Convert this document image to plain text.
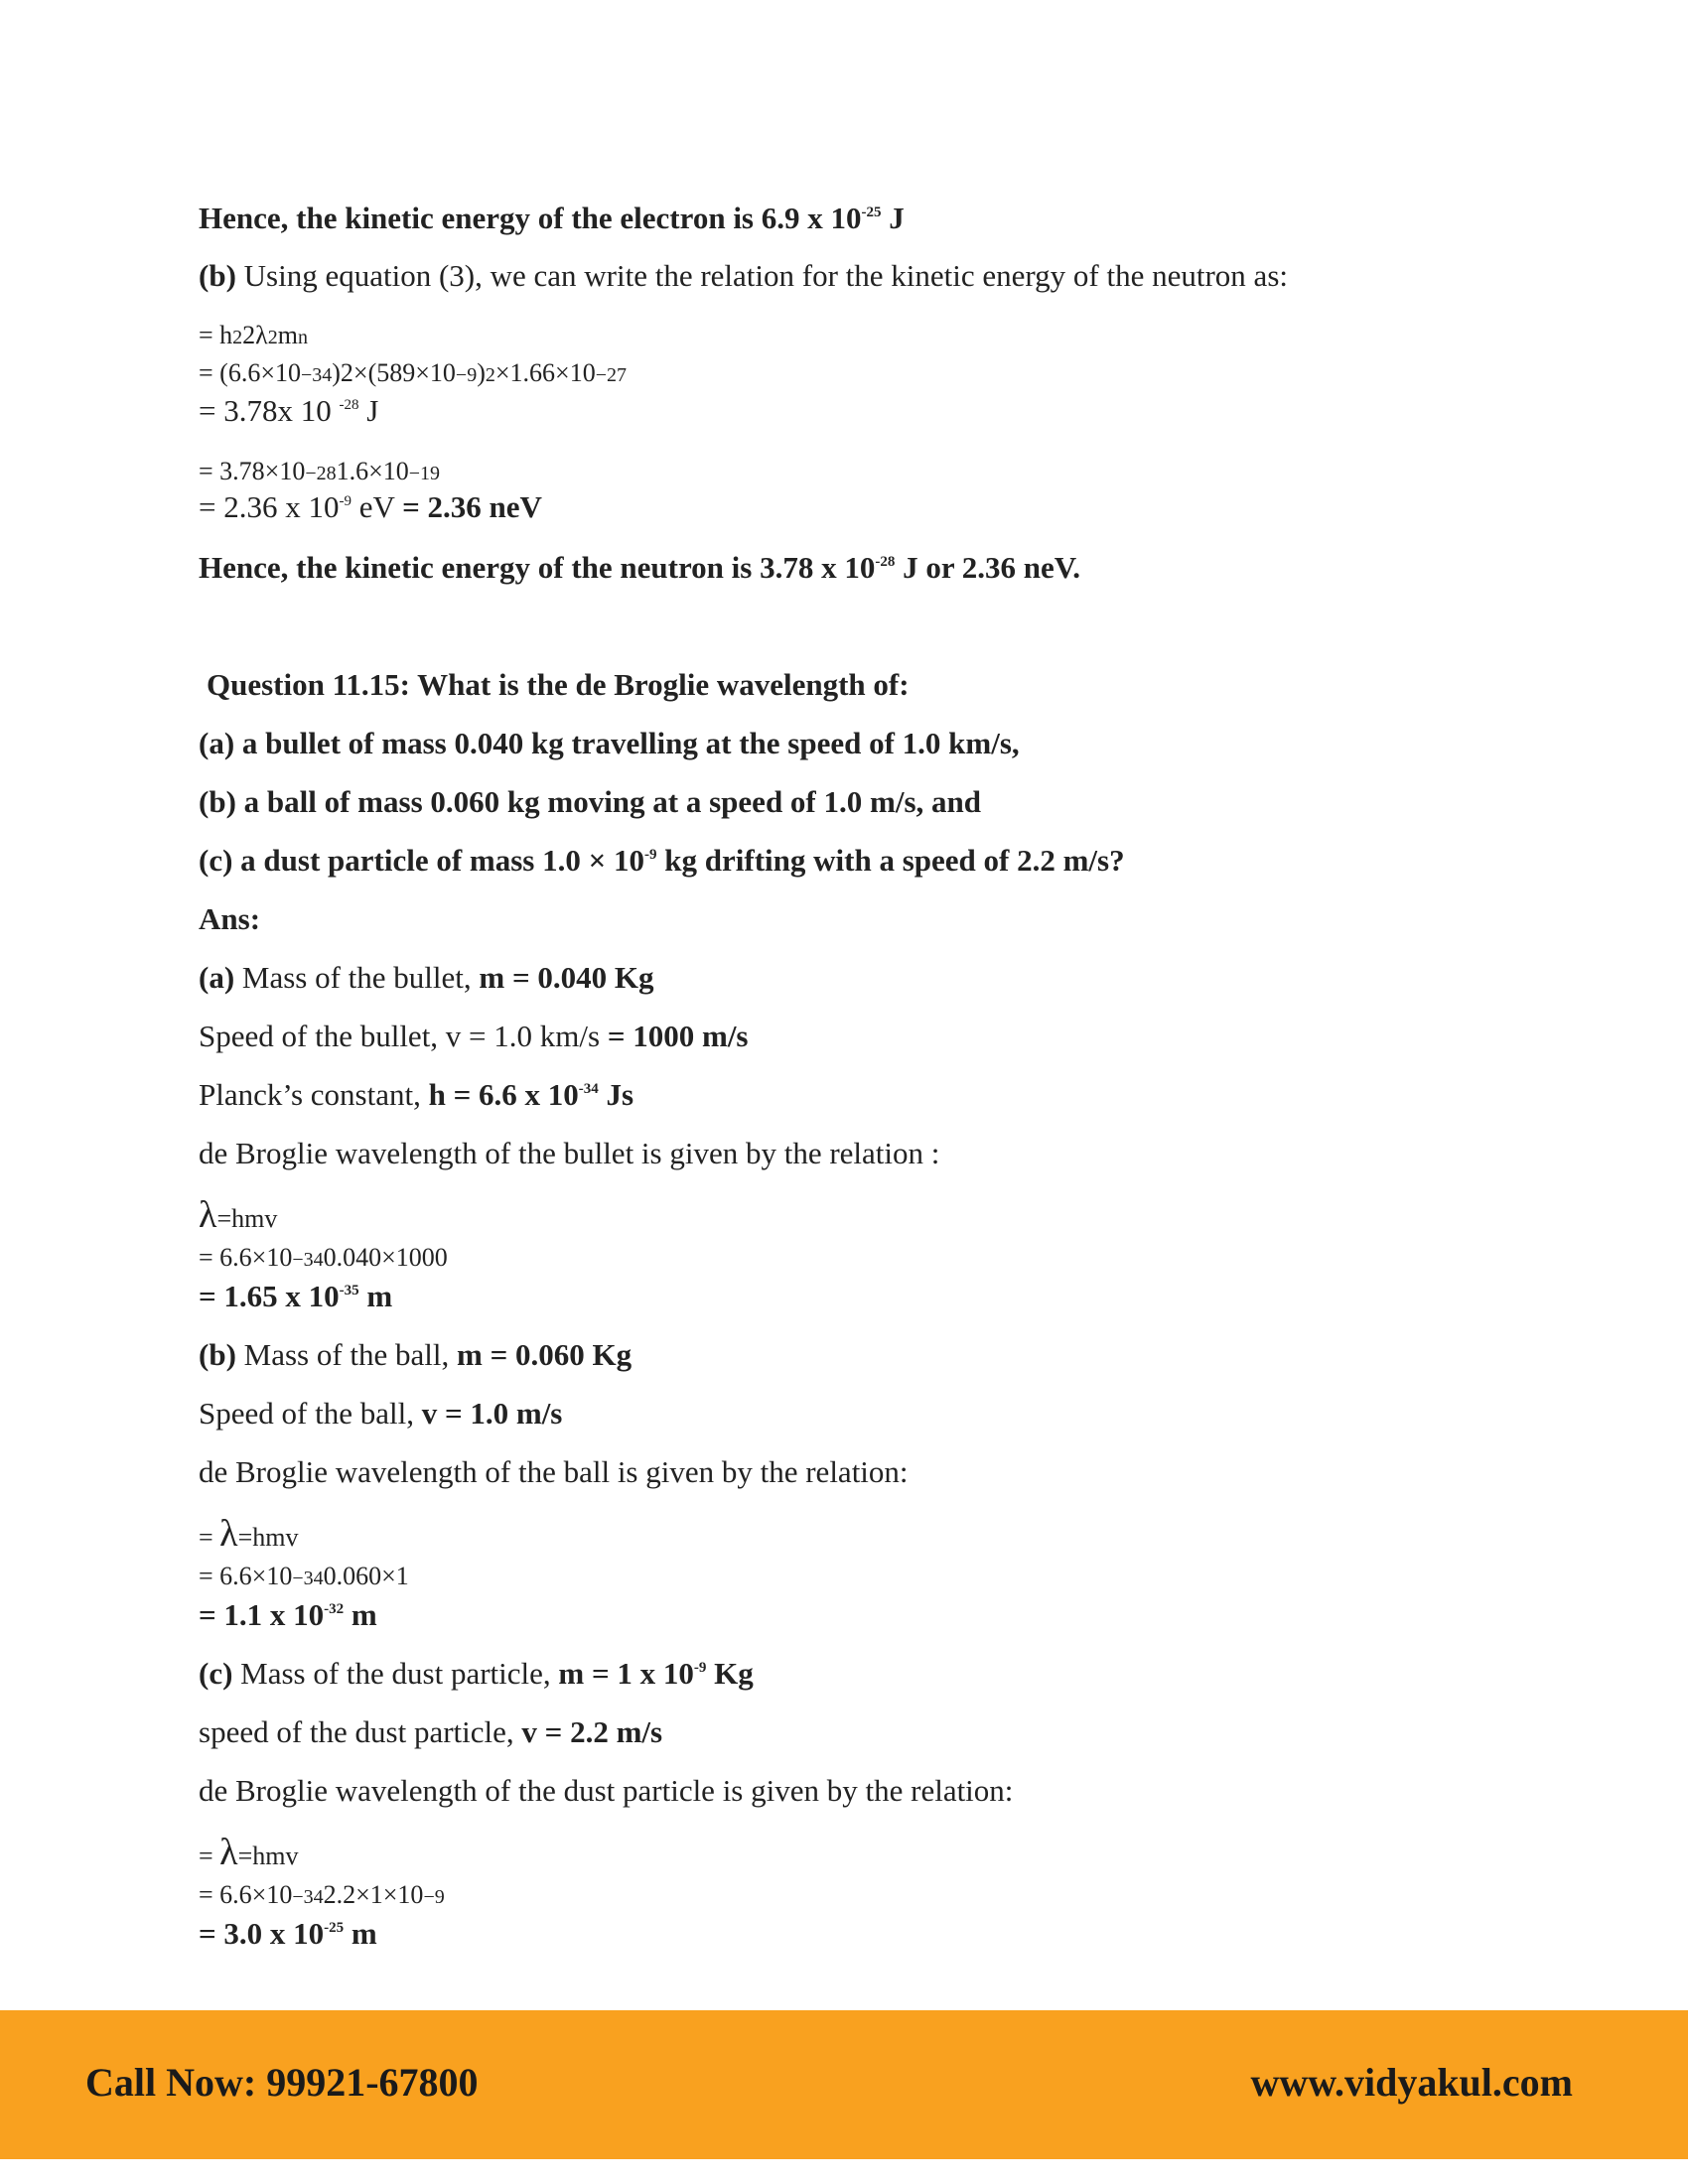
Hence, the kinetic energy of the electron is 6.9 x $10^{-25}$ J
(b) Using equation (3), we can write the relation for the kinetic energy of the neutron as:
= h22λ2mn
= (6.6×10−34)2×(589×10−9)2×1.66×10−27
= 3.78x 10 $^{-28}$ J
= 3.78×10−281.6×10−19
= 2.36 x $10^{-9}$ eV = 2.36 neV
Hence, the kinetic energy of the neutron is 3.78 x $10^{-28}$ J or 2.36 neV.
Question 11.15: What is the de Broglie wavelength of:
(a) a bullet of mass 0.040 kg travelling at the speed of 1.0 km/s,
(b) a ball of mass 0.060 kg moving at a speed of 1.0 m/s, and
(c) a dust particle of mass $1.0 \times 10^{-9}$ kg drifting with a speed of 2.2 m/s?
Ans:
(a) Mass of the bullet, m = 0.040 Kg
Speed of the bullet, v = 1.0 km/s = 1000 m/s
Planck’s constant, h = 6.6 x $10^{-34}$ Js
de Broglie wavelength of the bullet is given by the relation :
λ=hmv
= 6.6×10−340.040×1000
= 1.65 x $10^{-35}$ m
(b) Mass of the ball, m = 0.060 Kg
Speed of the ball, v = 1.0 m/s
de Broglie wavelength of the ball is given by the relation:
= λ=hmv
= 6.6×10−340.060×1
= 1.1 x $10^{-32}$ m
(c) Mass of the dust particle, m = 1 x $10^{-9}$ Kg
speed of the dust particle, v = 2.2 m/s
de Broglie wavelength of the dust particle is given by the relation:
= λ=hmv
= 6.6×10−342.2×1×10−9
= 3.0 x $10^{-25}$ m
Call Now: 99921-67800	www.vidyakul.com
